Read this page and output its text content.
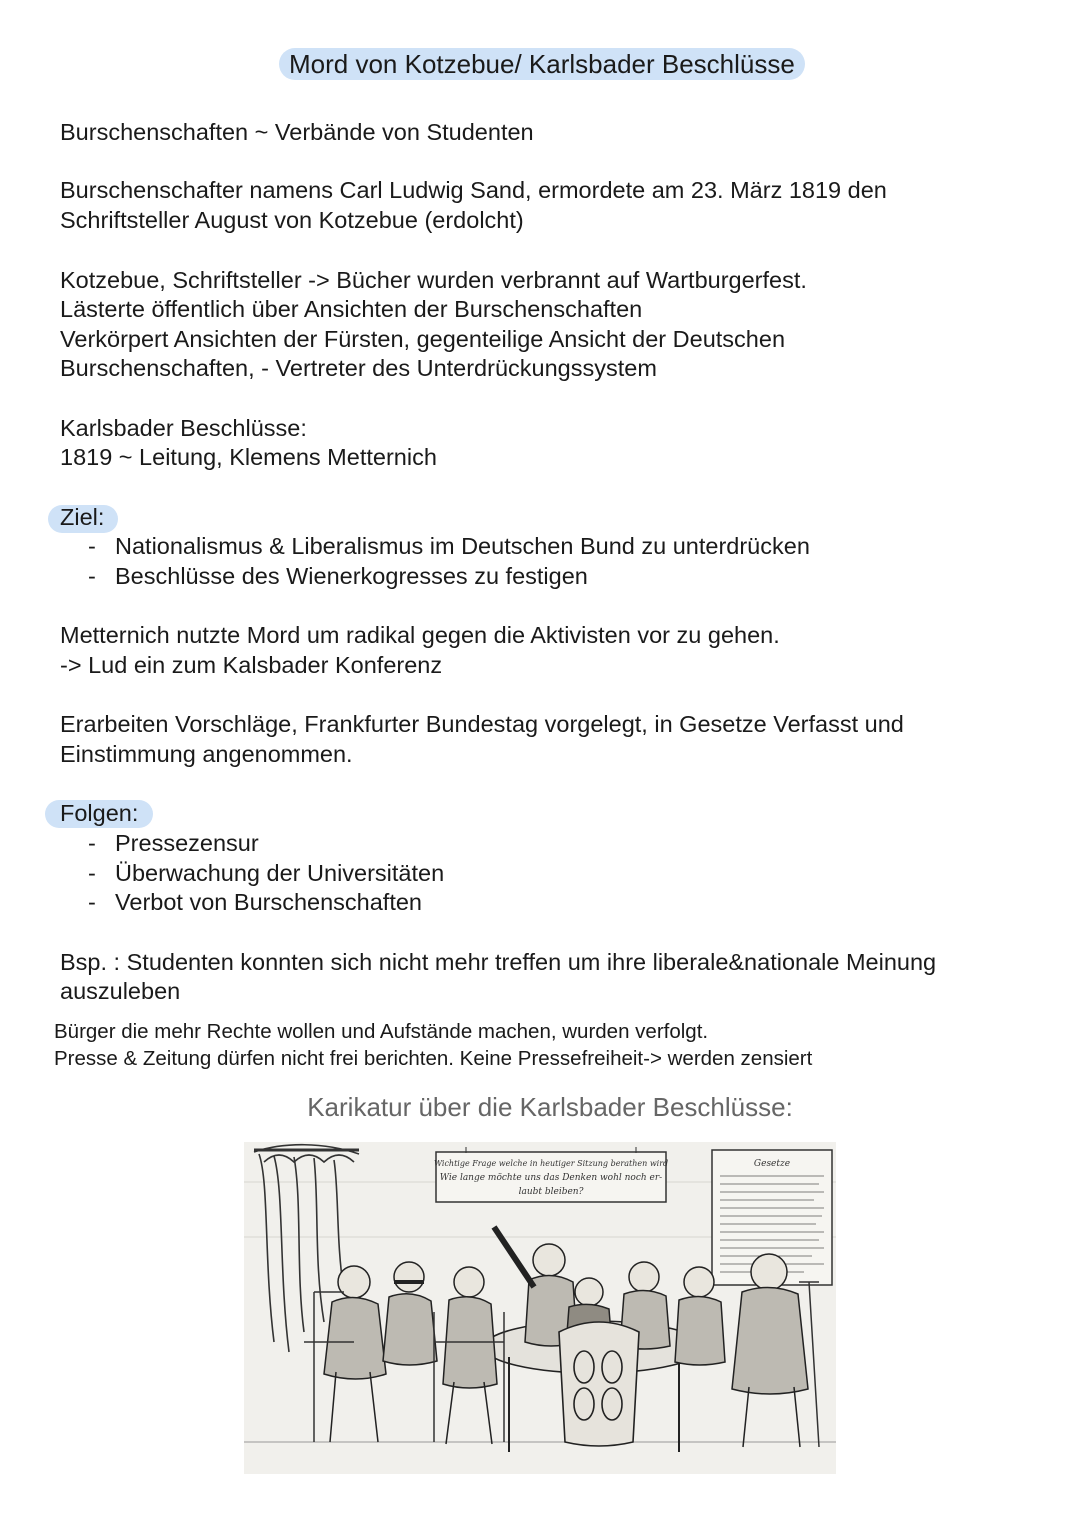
Mord von Kotzebue/ Karlsbader Beschlüsse

Burschenschaften ~ Verbände von Studenten

Burschenschafter namens Carl Ludwig Sand, ermordete am 23. März 1819 den

Schriftsteller August von Kotzebue (erdolcht)

Kotzebue, Schriftsteller -> Bücher wurden verbrannt auf Wartburgerfest.

Lästerte öffentlich über Ansichten der Burschenschaften

Verkörpert Ansichten der Fürsten, gegenteilige Ansicht der Deutschen

Burschenschaften, - Vertreter des Unterdrückungssystem

Karlsbader Beschlüsse:

1819 ~ Leitung, Klemens Metternich

Ziel:

- Nationalismus & Liberalismus im Deutschen Bund zu unterdrücken
- Beschlüsse des Wienerkogresses zu festigen

Metternich nutzte Mord um radikal gegen die Aktivisten vor zu gehen.

-> Lud ein zum Kalsbader Konferenz

Erarbeiten Vorschläge, Frankfurter Bundestag vorgelegt, in Gesetze Verfasst und

Einstimmung angenommen.

Folgen:

- Pressezensur
- Überwachung der Universitäten
- Verbot von Burschenschaften

Bsp. : Studenten konnten sich nicht mehr treffen um ihre liberale&nationale Meinung

auszuleben

Bürger die mehr Rechte wollen und Aufstände machen, wurden verfolgt.

Presse & Zeitung dürfen nicht frei berichten. Keine Pressefreiheit-> werden zensiert

Karikatur über die Karlsbader Beschlüsse:
Wichtige Frage welche in heutiger Sitzung berathen wird
Wie lange möchte uns das Denken wohl noch er-
laubt bleiben?
Gesetze
